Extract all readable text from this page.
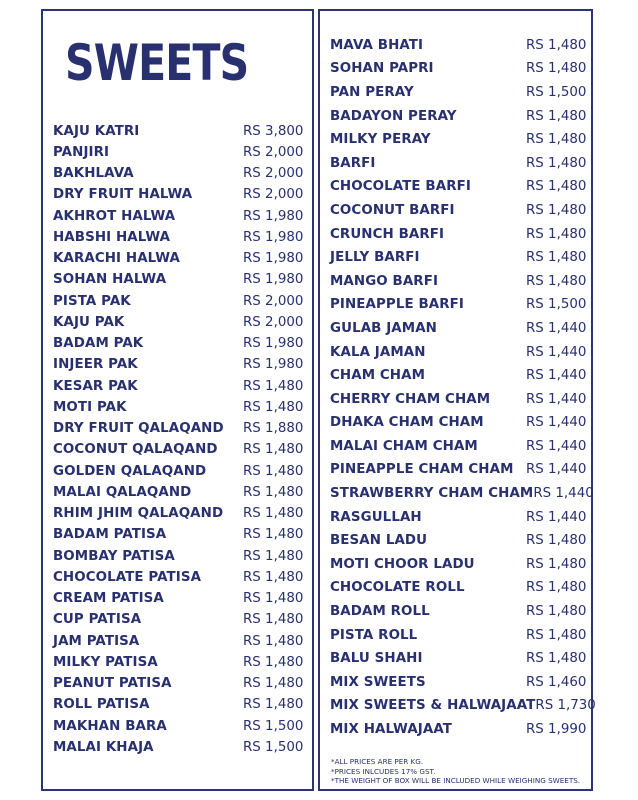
SWEETS
KAJU KATRI	RS 3,800
PANJIRI	RS 2,000
BAKHLAVA	RS 2,000
DRY FRUIT HALWA	RS 2,000
AKHROT HALWA	RS 1,980
HABSHI HALWA	RS 1,980
KARACHI HALWA	RS 1,980
SOHAN HALWA	RS 1,980
PISTA PAK	RS 2,000
KAJU PAK	RS 2,000
BADAM PAK	RS 1,980
INJEER PAK	RS 1,980
KESAR PAK	RS 1,480
MOTI PAK	RS 1,480
DRY FRUIT QALAQAND RS 1,880
COCONUT QALAQAND RS 1,480
GOLDEN QALAQAND	RS 1,480
MALAI QALAQAND	RS 1,480
RHIM JHIM QALAQAND RS 1,480
BADAM PATISA	RS 1,480
BOMBAY PATISA	RS 1,480
CHOCOLATE PATISA	RS 1,480
CREAM PATISA	RS 1,480
CUP PATISA	RS 1,480
JAM PATISA	RS 1,480
MILKY PATISA	RS 1,480
PEANUT PATISA	RS 1,480
ROLL PATISA	RS 1,480
MAKHAN BARA	RS 1,500
MALAI KHAJA	RS 1,500
MAVA BHATI	RS 1,480
SOHAN PAPRI	RS 1,480
PAN PERAY	RS 1,500
BADAYON PERAY	RS 1,480
MILKY PERAY	RS 1,480
BARFI	RS 1,480
CHOCOLATE BARFI	RS 1,480
COCONUT BARFI	RS 1,480
CRUNCH BARFI	RS 1,480
JELLY BARFI	RS 1,480
MANGO BARFI	RS 1,480
PINEAPPLE BARFI	RS 1,500
GULAB JAMAN	RS 1,440
KALA JAMAN	RS 1,440
CHAM CHAM	RS 1,440
CHERRY CHAM CHAM	RS 1,440
DHAKA CHAM CHAM	RS 1,440
MALAI CHAM CHAM	RS 1,440
PINEAPPLE CHAM CHAM RS 1,440
STRAWBERRY CHAM CHAM RS 1,440
RASGULLAH	RS 1,440
BESAN LADU	RS 1,480
MOTI CHOOR LADU	RS 1,480
CHOCOLATE ROLL	RS 1,480
BADAM ROLL	RS 1,480
PISTA ROLL	RS 1,480
BALU SHAHI	RS 1,480
MIX SWEETS	RS 1,460
MIX SWEETS & HALWAJAAT RS 1,730
MIX HALWAJAAT	RS 1,990
*ALL PRICES ARE PER KG.
*PRICES INLCUDES 17% GST.
*THE WEIGHT OF BOX WILL BE INCLUDED WHILE WEIGHING SWEETS.
